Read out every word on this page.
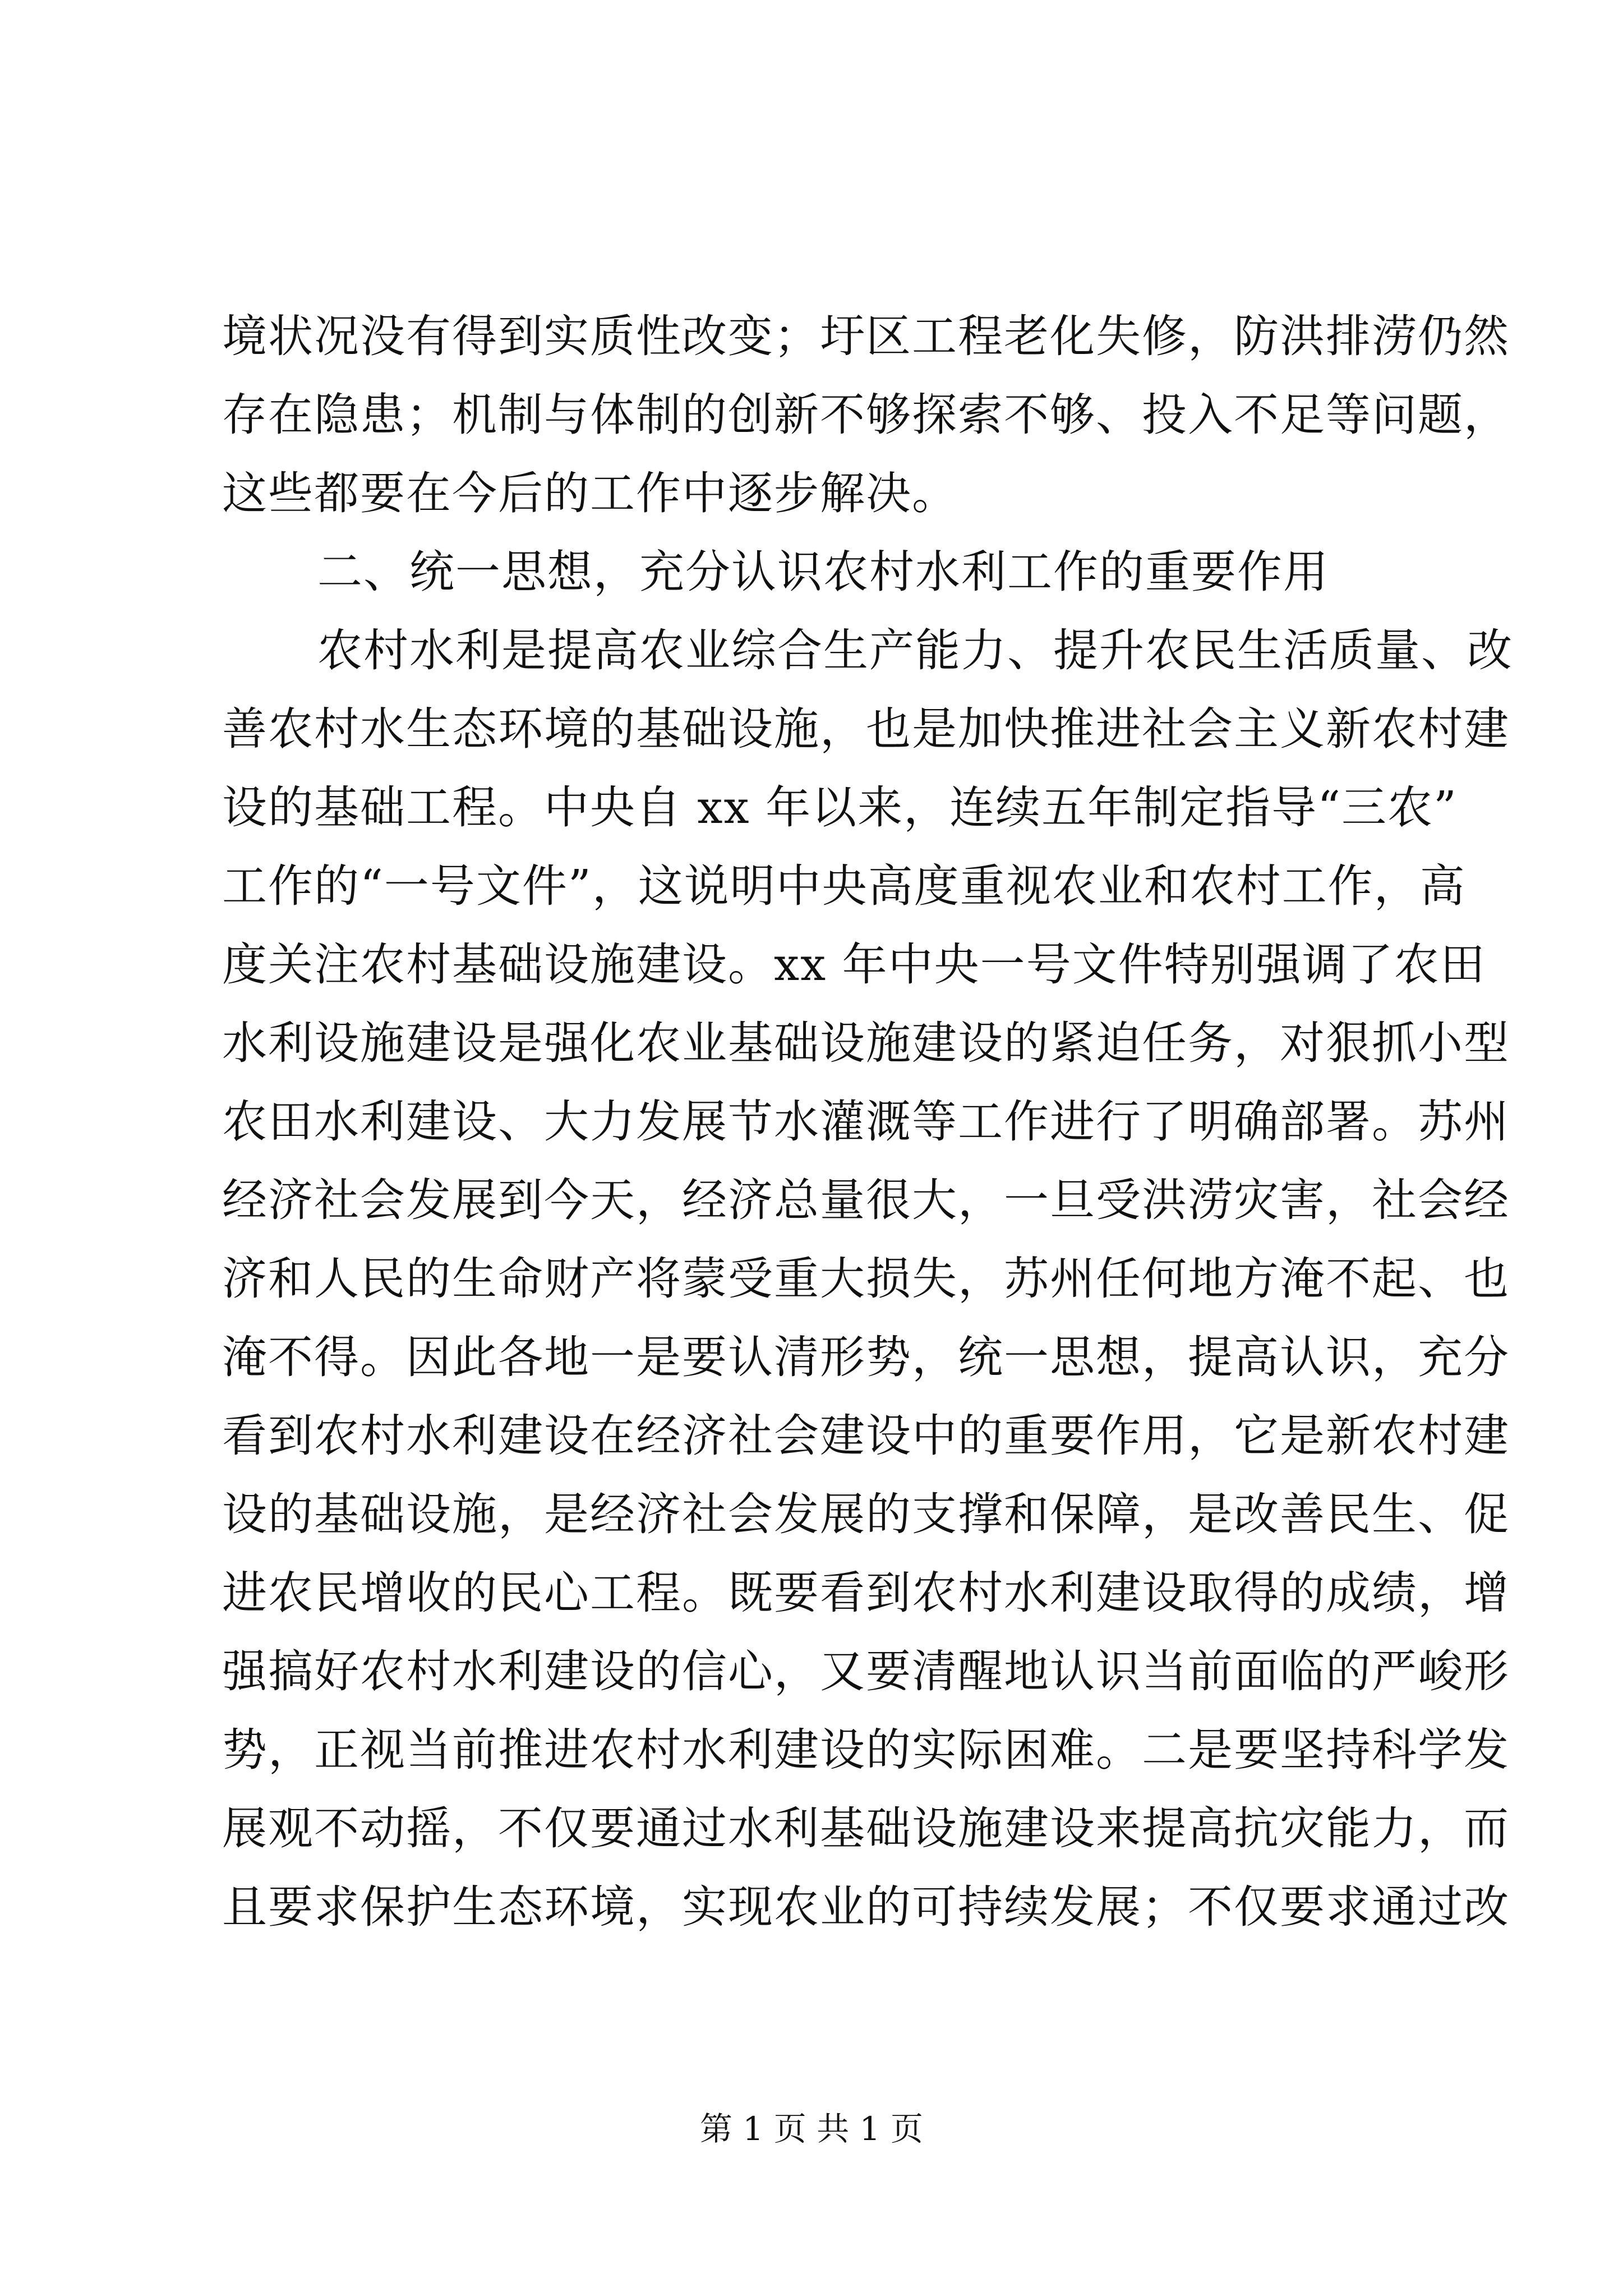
境状况没有得到实质性改变；圩区工程老化失修，防洪排涝仍然
存在隐患；机制与体制的创新不够探索不够、投入不足等问题，
这些都要在今后的工作中逐步解决。
二、统一思想，充分认识农村水利工作的重要作用
农村水利是提高农业综合生产能力、提升农民生活质量、改
善农村水生态环境的基础设施，也是加快推进社会主义新农村建
设的基础工程。中央自 xx 年以来，连续五年制定指导“三农”
工作的“一号文件”，这说明中央高度重视农业和农村工作，高
度关注农村基础设施建设。xx 年中央一号文件特别强调了农田
水利设施建设是强化农业基础设施建设的紧迫任务，对狠抓小型
农田水利建设、大力发展节水灌溉等工作进行了明确部署。苏州
经济社会发展到今天，经济总量很大，一旦受洪涝灾害，社会经
济和人民的生命财产将蒙受重大损失，苏州任何地方淹不起、也
淹不得。因此各地一是要认清形势，统一思想，提高认识，充分
看到农村水利建设在经济社会建设中的重要作用，它是新农村建
设的基础设施，是经济社会发展的支撑和保障，是改善民生、促
进农民增收的民心工程。既要看到农村水利建设取得的成绩，增
强搞好农村水利建设的信心，又要清醒地认识当前面临的严峻形
势，正视当前推进农村水利建设的实际困难。二是要坚持科学发
展观不动摇，不仅要通过水利基础设施建设来提高抗灾能力，而
且要求保护生态环境，实现农业的可持续发展；不仅要求通过改
第 1 页 共 1 页
